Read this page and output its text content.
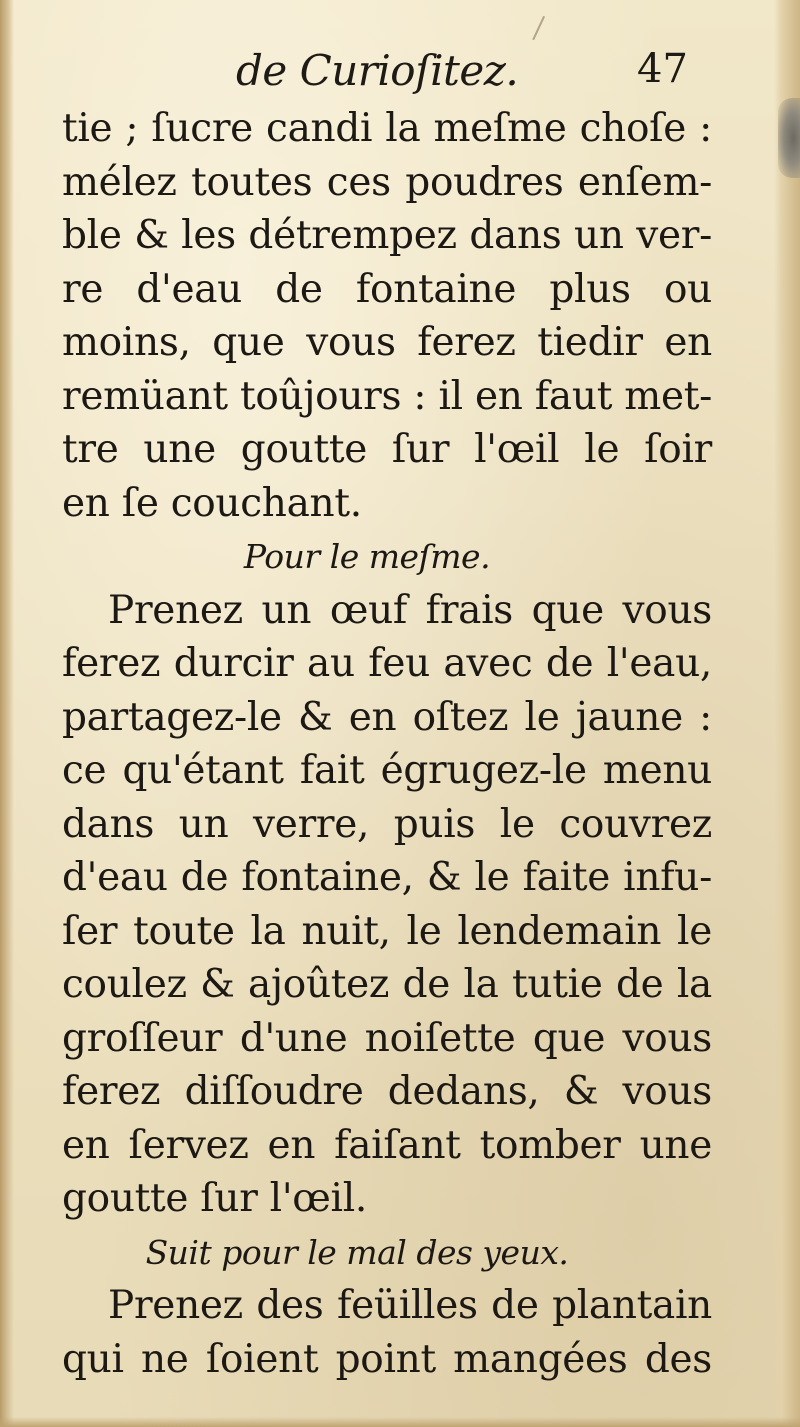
de Curioſitez.	47
tie ; ſucre candi la meſme choſe :
mélez toutes ces poudres enſem-
ble & les détrempez dans un ver-
re d'eau de fontaine plus ou
moins, que vous ferez tiedir en
remüant toûjours : il en faut met-
tre une goutte ſur l'œil le ſoir
en ſe couchant.
Pour le meſme.
Prenez un œuf frais que vous
ferez durcir au feu avec de l'eau,
partagez-le & en oſtez le jaune :
ce qu'étant fait égrugez-le menu
dans un verre, puis le couvrez
d'eau de fontaine, & le faite infu-
ſer toute la nuit, le lendemain le
coulez & ajoûtez de la tutie de la
groſſeur d'une noiſette que vous
ferez diſſoudre dedans, & vous
en ſervez en faiſant tomber une
goutte ſur l'œil.
Suit pour le mal des yeux.
Prenez des feüilles de plantain
qui ne ſoient point mangées des
